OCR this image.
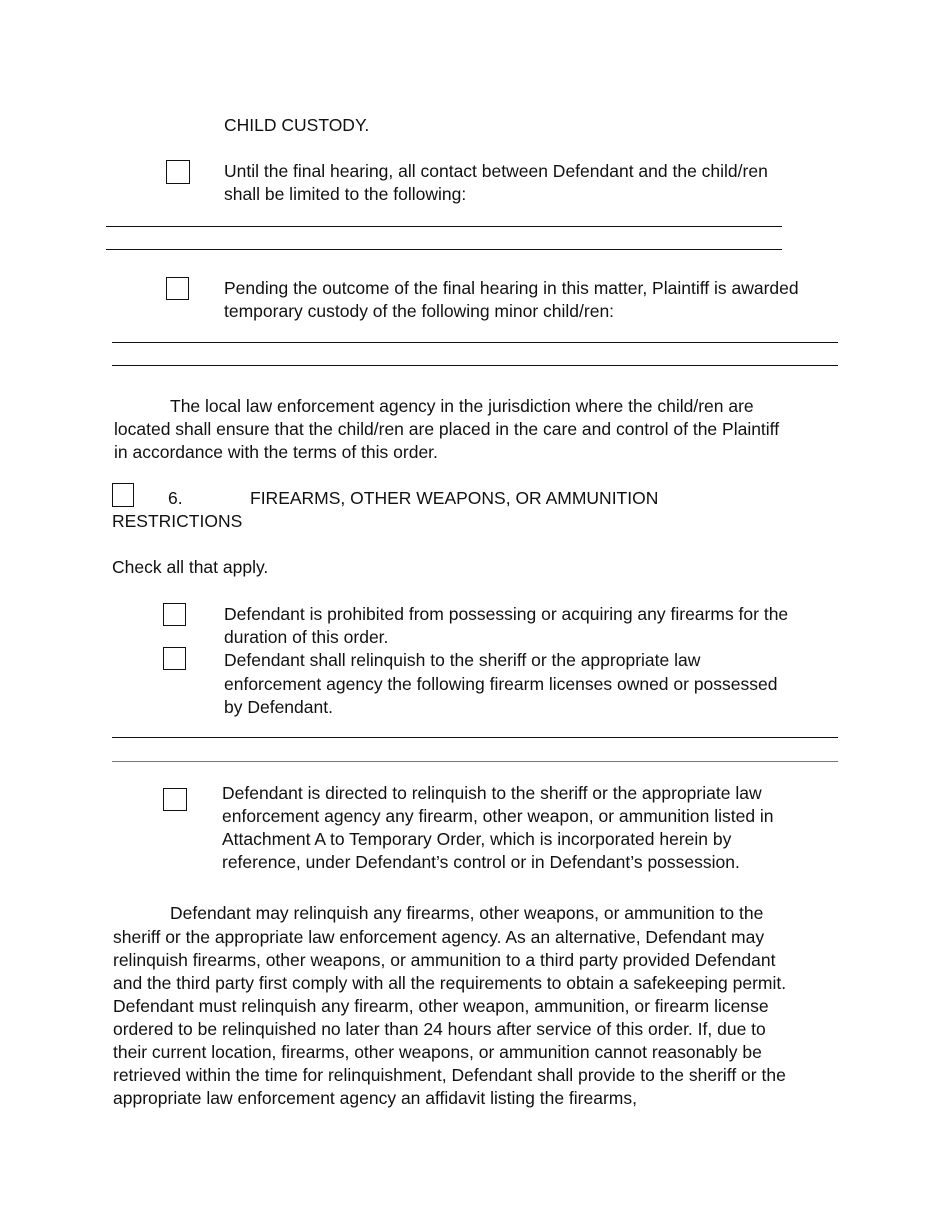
CHILD CUSTODY.
Until the final hearing, all contact between Defendant and the child/ren
shall be limited to the following:
Pending the outcome of the final hearing in this matter, Plaintiff is awarded
temporary custody of the following minor child/ren:
The local law enforcement agency in the jurisdiction where the child/ren are
located shall ensure that the child/ren are placed in the care and control of the Plaintiff
in accordance with the terms of this order.
6.	FIREARMS, OTHER WEAPONS, OR AMMUNITION
RESTRICTIONS
Check all that apply.
Defendant is prohibited from possessing or acquiring any firearms for the
duration of this order.
Defendant shall relinquish to the sheriff or the appropriate law
enforcement agency the following firearm licenses owned or possessed
by Defendant.
Defendant is directed to relinquish to the sheriff or the appropriate law
enforcement agency any firearm, other weapon, or ammunition listed in
Attachment A to Temporary Order, which is incorporated herein by
reference, under Defendant’s control or in Defendant’s possession.
Defendant may relinquish any firearms, other weapons, or ammunition to the
sheriff or the appropriate law enforcement agency. As an alternative, Defendant may
relinquish firearms, other weapons, or ammunition to a third party provided Defendant
and the third party first comply with all the requirements to obtain a safekeeping permit.
Defendant must relinquish any firearm, other weapon, ammunition, or firearm license
ordered to be relinquished no later than 24 hours after service of this order. If, due to
their current location, firearms, other weapons, or ammunition cannot reasonably be
retrieved within the time for relinquishment, Defendant shall provide to the sheriff or the
appropriate law enforcement agency an affidavit listing the firearms,
